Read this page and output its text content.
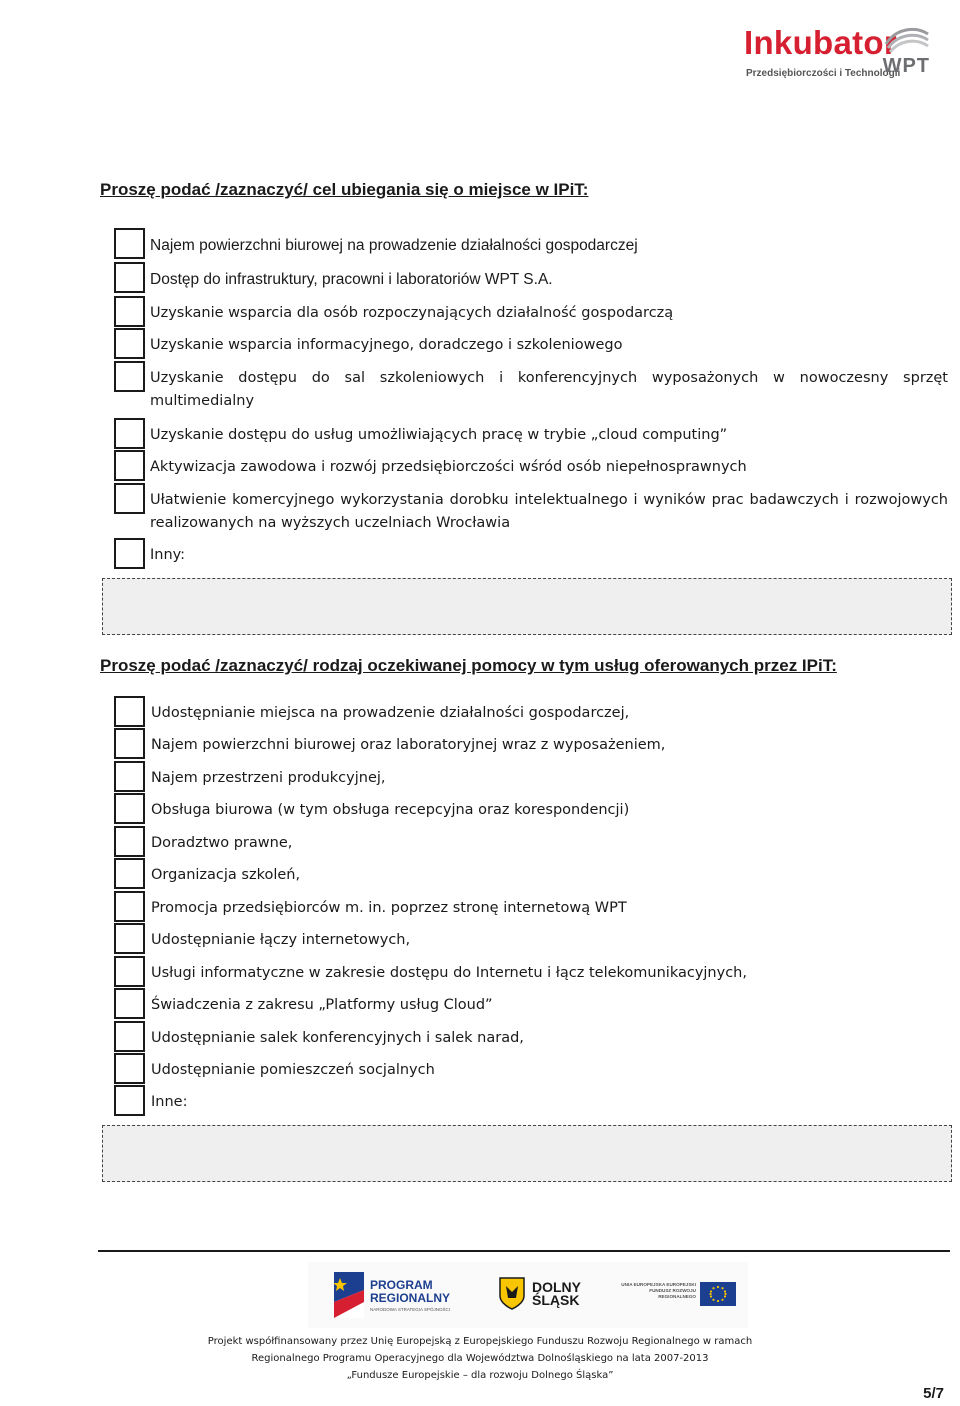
Inkubator
Przedsiębiorczości i Technologii
WPT
Proszę podać /zaznaczyć/ cel ubiegania się o miejsce w IPiT:
Najem powierzchni biurowej na prowadzenie działalności gospodarczej
Dostęp do infrastruktury, pracowni i laboratoriów WPT S.A.
Uzyskanie wsparcia dla osób rozpoczynających działalność gospodarczą
Uzyskanie wsparcia informacyjnego, doradczego i szkoleniowego
Uzyskanie dostępu do sal szkoleniowych i konferencyjnych wyposażonych w nowoczesny sprzęt multimedialny
Uzyskanie dostępu do usług umożliwiających pracę w trybie „cloud computing”
Aktywizacja zawodowa i rozwój przedsiębiorczości wśród osób niepełnosprawnych
Ułatwienie komercyjnego wykorzystania dorobku intelektualnego i wyników prac badawczych i rozwojowych realizowanych na wyższych uczelniach Wrocławia
Inny:
Proszę podać /zaznaczyć/ rodzaj oczekiwanej pomocy w tym usług oferowanych przez IPiT:
Udostępnianie miejsca na prowadzenie działalności gospodarczej,
Najem powierzchni biurowej oraz laboratoryjnej wraz z wyposażeniem,
Najem przestrzeni produkcyjnej,
Obsługa biurowa (w tym obsługa recepcyjna oraz korespondencji)
Doradztwo prawne,
Organizacja szkoleń,
Promocja przedsiębiorców m. in. poprzez stronę internetową WPT
Udostępnianie łączy internetowych,
Usługi informatyczne w zakresie dostępu do Internetu i łącz telekomunikacyjnych,
Świadczenia z zakresu „Platformy usług Cloud”
Udostępnianie salek konferencyjnych i salek narad,
Udostępnianie pomieszczeń socjalnych
Inne:
PROGRAM
REGIONALNY
NARODOWA STRATEGIA SPÓJNOŚCI
DOLNY
ŚLĄSK
UNIA EUROPEJSKA EUROPEJSKI FUNDUSZ ROZWOJU REGIONALNEGO
Projekt współfinansowany przez Unię Europejską z Europejskiego Funduszu Rozwoju Regionalnego w ramach
Regionalnego Programu Operacyjnego dla Województwa Dolnośląskiego na lata 2007-2013
„Fundusze Europejskie – dla rozwoju Dolnego Śląska”
5/7
